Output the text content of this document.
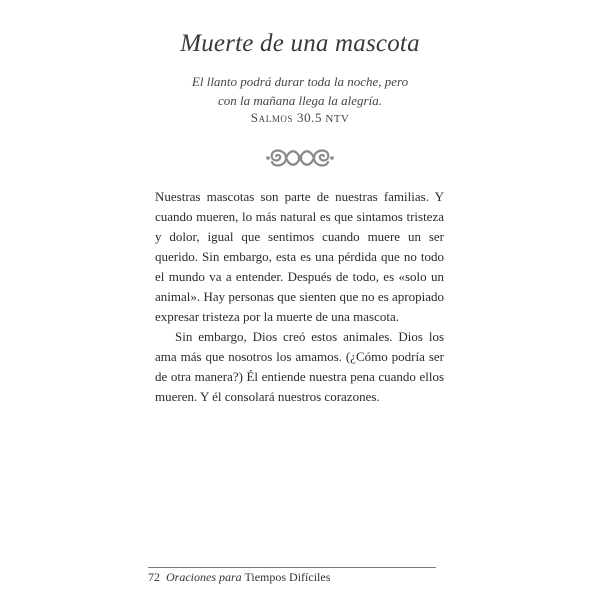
Muerte de una mascota
El llanto podrá durar toda la noche, pero
con la mañana llega la alegría.
Salmos 30.5 NTV

Nuestras mascotas son parte de nuestras familias. Y cuando mueren, lo más natural es que sintamos tristeza y dolor, igual que sentimos cuando muere un ser querido. Sin embargo, esta es una pérdida que no todo el mundo va a entender. Después de todo, es «solo un animal». Hay personas que sienten que no es apropiado expresar tristeza por la muerte de una mascota.

Sin embargo, Dios creó estos animales. Dios los ama más que nosotros los amamos. (¿Cómo podría ser de otra manera?) Él entiende nuestra pena cuando ellos mueren. Y él consolará nuestros corazones.

72 Oraciones para Tiempos Difíciles
